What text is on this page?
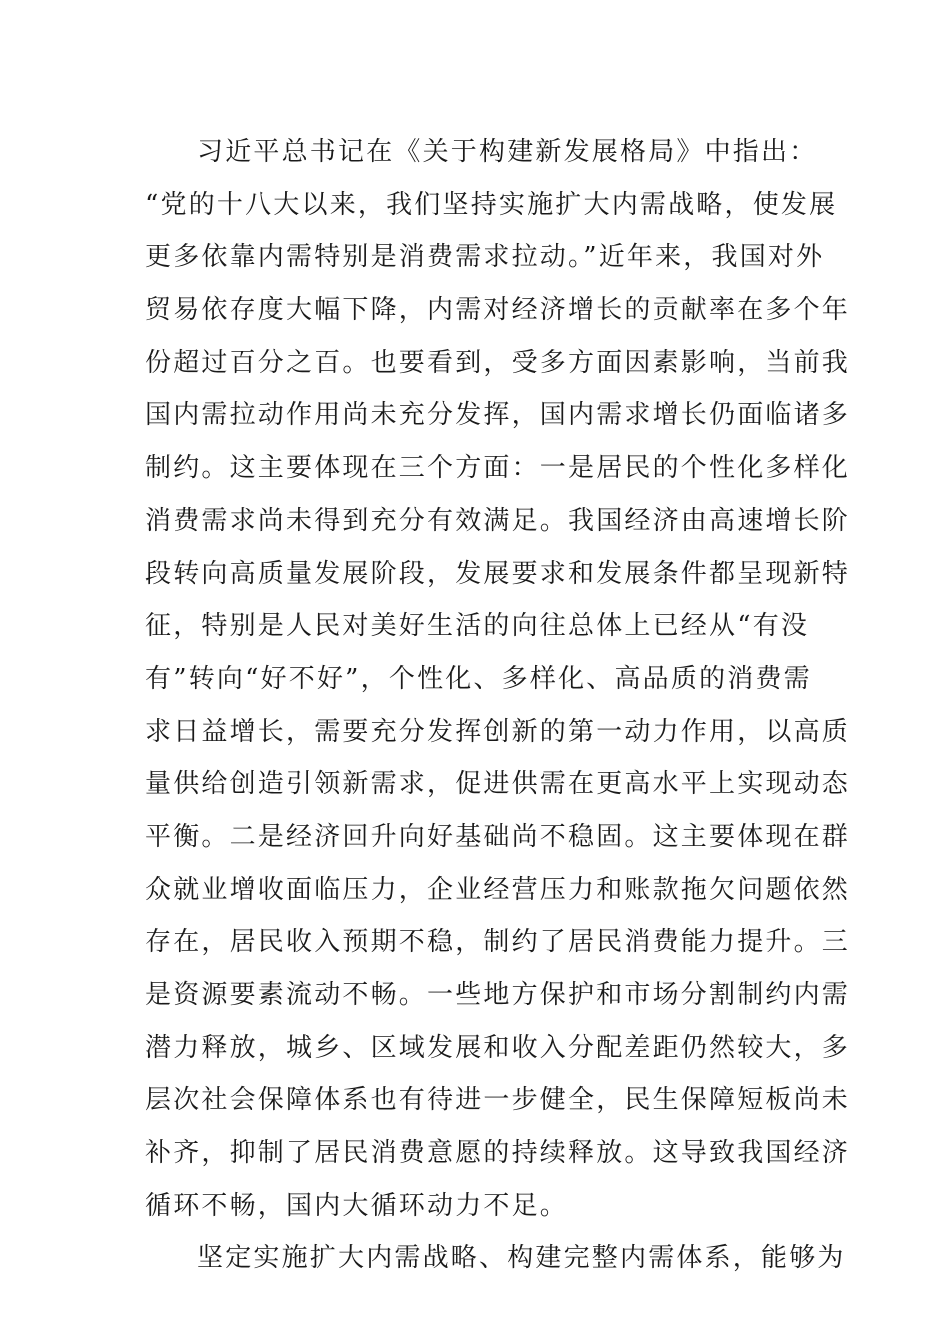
习近平总书记在《关于构建新发展格局》中指出：
“党的十八大以来，我们坚持实施扩大内需战略，使发展
更多依靠内需特别是消费需求拉动。”近年来，我国对外
贸易依存度大幅下降，内需对经济增长的贡献率在多个年
份超过百分之百。也要看到，受多方面因素影响，当前我
国内需拉动作用尚未充分发挥，国内需求增长仍面临诸多
制约。这主要体现在三个方面：一是居民的个性化多样化
消费需求尚未得到充分有效满足。我国经济由高速增长阶
段转向高质量发展阶段，发展要求和发展条件都呈现新特
征，特别是人民对美好生活的向往总体上已经从“有没
有”转向“好不好”，个性化、多样化、高品质的消费需
求日益增长，需要充分发挥创新的第一动力作用，以高质
量供给创造引领新需求，促进供需在更高水平上实现动态
平衡。二是经济回升向好基础尚不稳固。这主要体现在群
众就业增收面临压力，企业经营压力和账款拖欠问题依然
存在，居民收入预期不稳，制约了居民消费能力提升。三
是资源要素流动不畅。一些地方保护和市场分割制约内需
潜力释放，城乡、区域发展和收入分配差距仍然较大，多
层次社会保障体系也有待进一步健全，民生保障短板尚未
补齐，抑制了居民消费意愿的持续释放。这导致我国经济
循环不畅，国内大循环动力不足。
坚定实施扩大内需战略、构建完整内需体系，能够为
